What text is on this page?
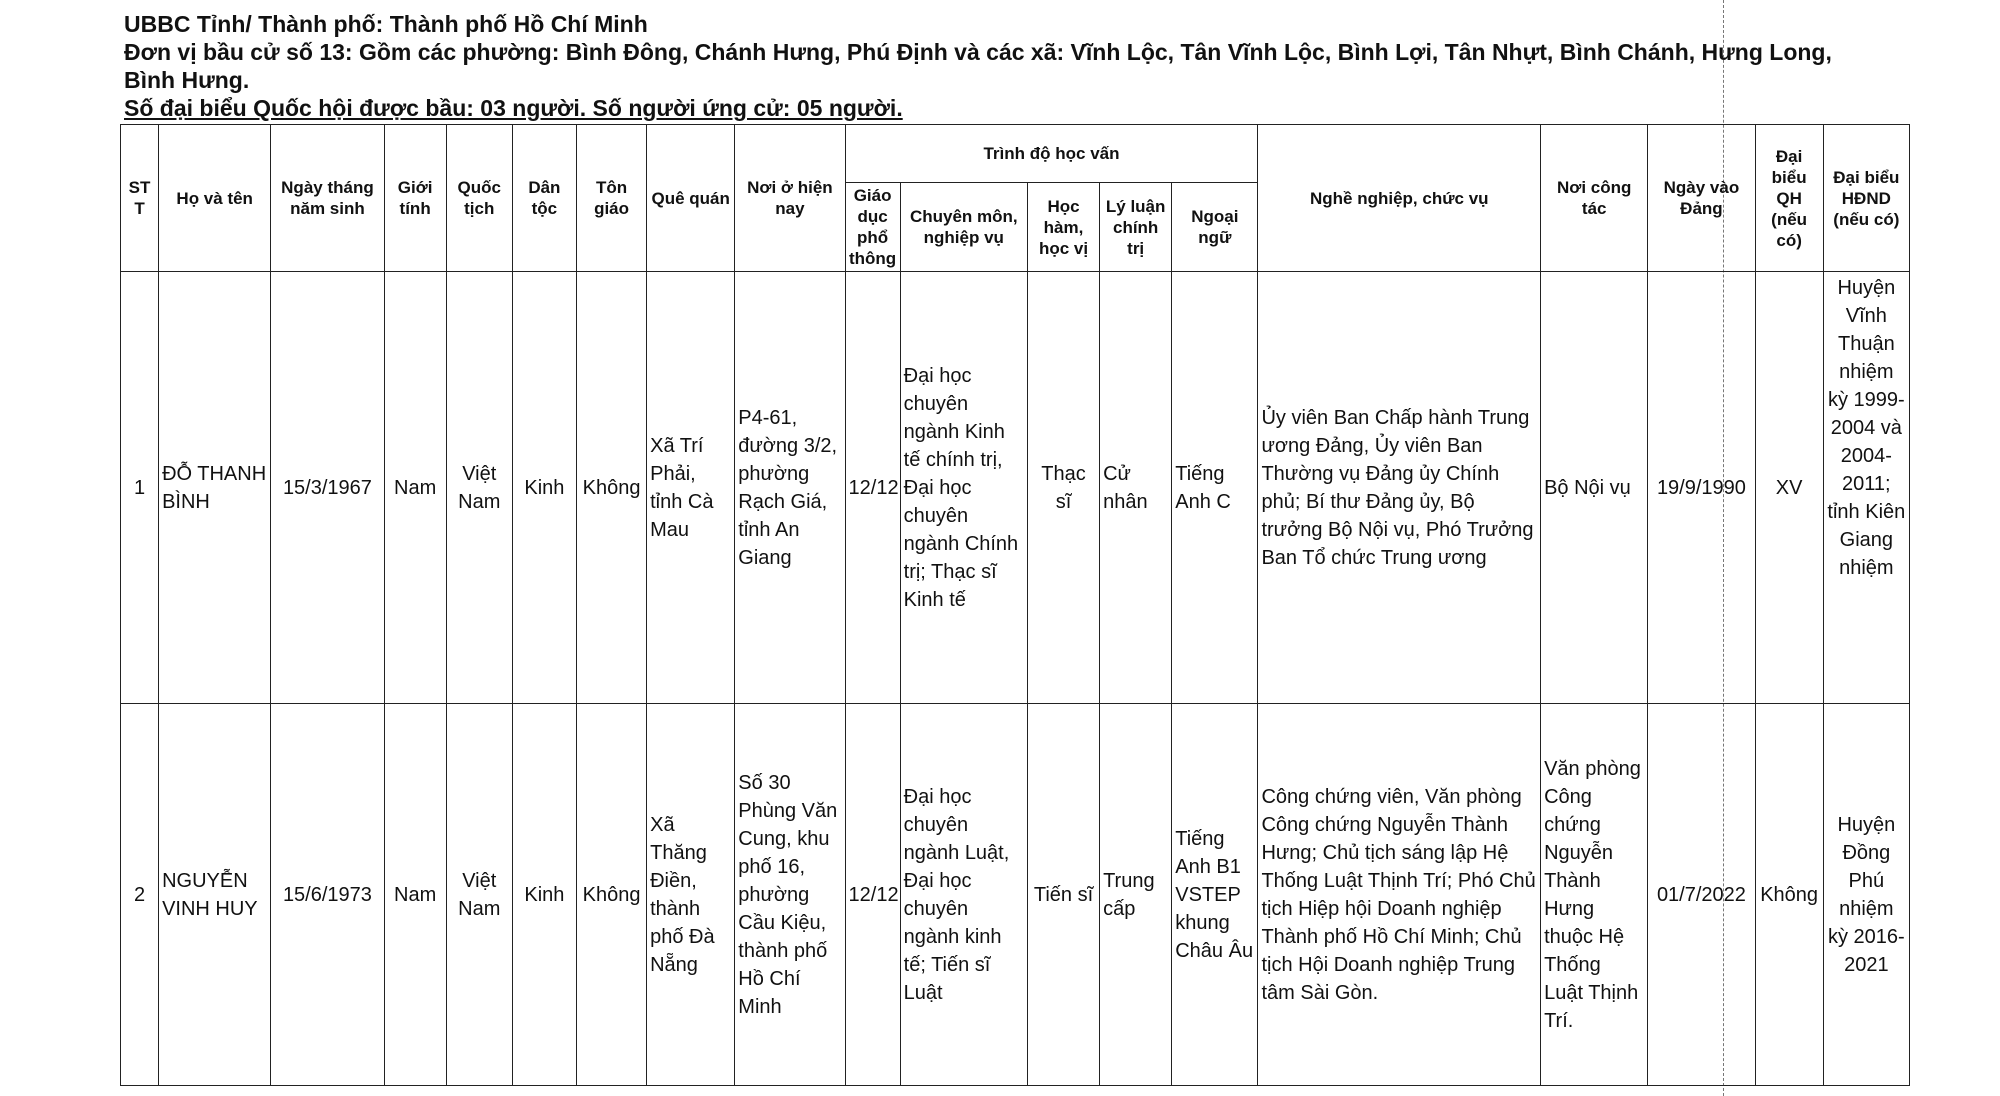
UBBC Tỉnh/ Thành phố: Thành phố Hồ Chí Minh
Đơn vị bầu cử số 13: Gồm các phường: Bình Đông, Chánh Hưng, Phú Định và các xã: Vĩnh Lộc, Tân Vĩnh Lộc, Bình Lợi, Tân Nhựt, Bình Chánh, Hưng Long, Bình Hưng.
Số đại biểu Quốc hội được bầu: 03 người. Số người ứng cử: 05 người.
ST T	Họ và tên	Ngày tháng năm sinh	Giới tính	Quốc tịch	Dân tộc	Tôn giáo	Quê quán	Nơi ở hiện nay	Trình độ học vấn					Nghề nghiệp, chức vụ	Nơi công tác	Ngày vào Đảng	Đại biểu QH (nếu có)	Đại biểu HĐND (nếu có)
									Giáo dục phổ thông	Chuyên môn, nghiệp vụ	Học hàm, học vị	Lý luận chính trị	Ngoại ngữ					
1	ĐỖ THANH BÌNH	15/3/1967	Nam	Việt Nam	Kinh	Không	Xã Trí Phải, tỉnh Cà Mau	P4-61, đường 3/2, phường Rạch Giá, tỉnh An Giang	12/12	Đại học chuyên ngành Kinh tế chính trị, Đại học chuyên ngành Chính trị; Thạc sĩ Kinh tế	Thạc sĩ	Cử nhân	Tiếng Anh C	Ủy viên Ban Chấp hành Trung ương Đảng, Ủy viên Ban Thường vụ Đảng ủy Chính phủ; Bí thư Đảng ủy, Bộ trưởng Bộ Nội vụ, Phó Trưởng Ban Tổ chức Trung ương	Bộ Nội vụ	19/9/1990	XV	Huyện Vĩnh Thuận nhiệm kỳ 1999-2004 và 2004-2011; tỉnh Kiên Giang nhiệm

2	NGUYỄN VINH HUY	15/6/1973	Nam	Việt Nam	Kinh	Không	Xã Thăng Điền, thành phố Đà Nẵng	Số 30 Phùng Văn Cung, khu phố 16, phường Cầu Kiệu, thành phố Hồ Chí Minh	12/12	Đại học chuyên ngành Luật, Đại học chuyên ngành kinh tế; Tiến sĩ Luật	Tiến sĩ	Trung cấp	Tiếng Anh B1 VSTEP khung Châu Âu	Công chứng viên, Văn phòng Công chứng Nguyễn Thành Hưng; Chủ tịch sáng lập Hệ Thống Luật Thịnh Trí; Phó Chủ tịch Hiệp hội Doanh nghiệp Thành phố Hồ Chí Minh; Chủ tịch Hội Doanh nghiệp Trung tâm Sài Gòn.	Văn phòng Công chứng Nguyễn Thành Hưng thuộc Hệ Thống Luật Thịnh Trí.	01/7/2022	Không	Huyện Đồng Phú nhiệm kỳ 2016-2021
